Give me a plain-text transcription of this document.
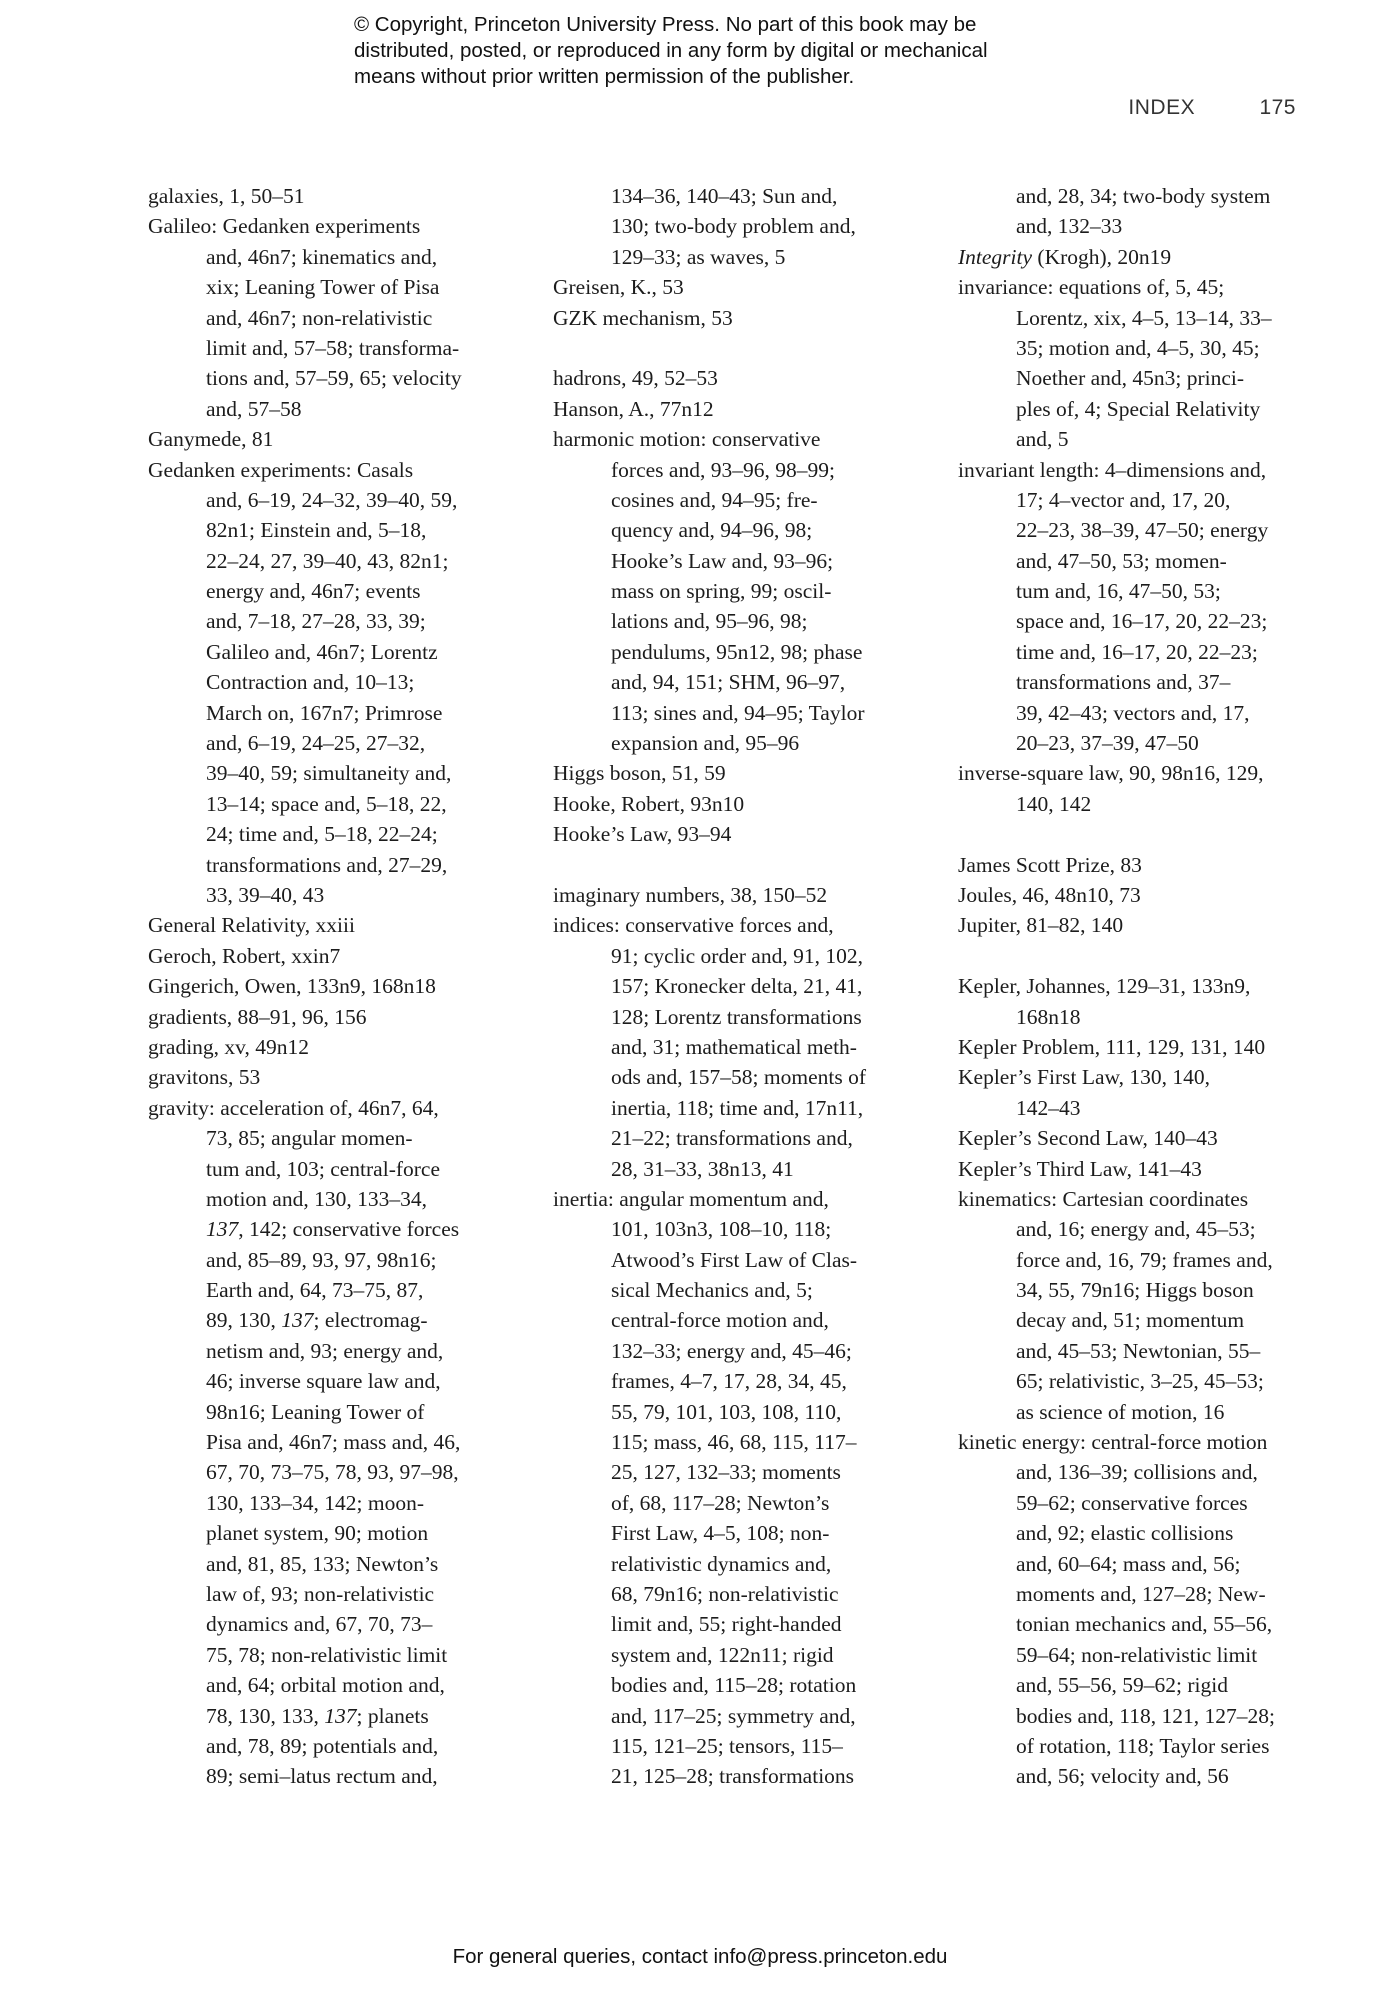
© Copyright, Princeton University Press. No part of this book may be
distributed, posted, or reproduced in any form by digital or mechanical
means without prior written permission of the publisher.
INDEX	175
galaxies, 1, 50–51
Galileo: Gedanken experiments
and, 46n7; kinematics and,
xix; Leaning Tower of Pisa
and, 46n7; non-relativistic
limit and, 57–58; transforma-
tions and, 57–59, 65; velocity
and, 57–58
Ganymede, 81
Gedanken experiments: Casals
and, 6–19, 24–32, 39–40, 59,
82n1; Einstein and, 5–18,
22–24, 27, 39–40, 43, 82n1;
energy and, 46n7; events
and, 7–18, 27–28, 33, 39;
Galileo and, 46n7; Lorentz
Contraction and, 10–13;
March on, 167n7; Primrose
and, 6–19, 24–25, 27–32,
39–40, 59; simultaneity and,
13–14; space and, 5–18, 22,
24; time and, 5–18, 22–24;
transformations and, 27–29,
33, 39–40, 43
General Relativity, xxiii
Geroch, Robert, xxin7
Gingerich, Owen, 133n9, 168n18
gradients, 88–91, 96, 156
grading, xv, 49n12
gravitons, 53
gravity: acceleration of, 46n7, 64,
73, 85; angular momen-
tum and, 103; central-force
motion and, 130, 133–34,
137, 142; conservative forces
and, 85–89, 93, 97, 98n16;
Earth and, 64, 73–75, 87,
89, 130, 137; electromag-
netism and, 93; energy and,
46; inverse square law and,
98n16; Leaning Tower of
Pisa and, 46n7; mass and, 46,
67, 70, 73–75, 78, 93, 97–98,
130, 133–34, 142; moon-
planet system, 90; motion
and, 81, 85, 133; Newton’s
law of, 93; non-relativistic
dynamics and, 67, 70, 73–
75, 78; non-relativistic limit
and, 64; orbital motion and,
78, 130, 133, 137; planets
and, 78, 89; potentials and,
89; semi–latus rectum and,
134–36, 140–43; Sun and,
130; two-body problem and,
129–33; as waves, 5
Greisen, K., 53
GZK mechanism, 53
hadrons, 49, 52–53
Hanson, A., 77n12
harmonic motion: conservative
forces and, 93–96, 98–99;
cosines and, 94–95; fre-
quency and, 94–96, 98;
Hooke’s Law and, 93–96;
mass on spring, 99; oscil-
lations and, 95–96, 98;
pendulums, 95n12, 98; phase
and, 94, 151; SHM, 96–97,
113; sines and, 94–95; Taylor
expansion and, 95–96
Higgs boson, 51, 59
Hooke, Robert, 93n10
Hooke’s Law, 93–94
imaginary numbers, 38, 150–52
indices: conservative forces and,
91; cyclic order and, 91, 102,
157; Kronecker delta, 21, 41,
128; Lorentz transformations
and, 31; mathematical meth-
ods and, 157–58; moments of
inertia, 118; time and, 17n11,
21–22; transformations and,
28, 31–33, 38n13, 41
inertia: angular momentum and,
101, 103n3, 108–10, 118;
Atwood’s First Law of Clas-
sical Mechanics and, 5;
central-force motion and,
132–33; energy and, 45–46;
frames, 4–7, 17, 28, 34, 45,
55, 79, 101, 103, 108, 110,
115; mass, 46, 68, 115, 117–
25, 127, 132–33; moments
of, 68, 117–28; Newton’s
First Law, 4–5, 108; non-
relativistic dynamics and,
68, 79n16; non-relativistic
limit and, 55; right-handed
system and, 122n11; rigid
bodies and, 115–28; rotation
and, 117–25; symmetry and,
115, 121–25; tensors, 115–
21, 125–28; transformations
and, 28, 34; two-body system
and, 132–33
Integrity (Krogh), 20n19
invariance: equations of, 5, 45;
Lorentz, xix, 4–5, 13–14, 33–
35; motion and, 4–5, 30, 45;
Noether and, 45n3; princi-
ples of, 4; Special Relativity
and, 5
invariant length: 4–dimensions and,
17; 4–vector and, 17, 20,
22–23, 38–39, 47–50; energy
and, 47–50, 53; momen-
tum and, 16, 47–50, 53;
space and, 16–17, 20, 22–23;
time and, 16–17, 20, 22–23;
transformations and, 37–
39, 42–43; vectors and, 17,
20–23, 37–39, 47–50
inverse-square law, 90, 98n16, 129,
140, 142
James Scott Prize, 83
Joules, 46, 48n10, 73
Jupiter, 81–82, 140
Kepler, Johannes, 129–31, 133n9,
168n18
Kepler Problem, 111, 129, 131, 140
Kepler’s First Law, 130, 140,
142–43
Kepler’s Second Law, 140–43
Kepler’s Third Law, 141–43
kinematics: Cartesian coordinates
and, 16; energy and, 45–53;
force and, 16, 79; frames and,
34, 55, 79n16; Higgs boson
decay and, 51; momentum
and, 45–53; Newtonian, 55–
65; relativistic, 3–25, 45–53;
as science of motion, 16
kinetic energy: central-force motion
and, 136–39; collisions and,
59–62; conservative forces
and, 92; elastic collisions
and, 60–64; mass and, 56;
moments and, 127–28; New-
tonian mechanics and, 55–56,
59–64; non-relativistic limit
and, 55–56, 59–62; rigid
bodies and, 118, 121, 127–28;
of rotation, 118; Taylor series
and, 56; velocity and, 56
For general queries, contact info@press.princeton.edu
